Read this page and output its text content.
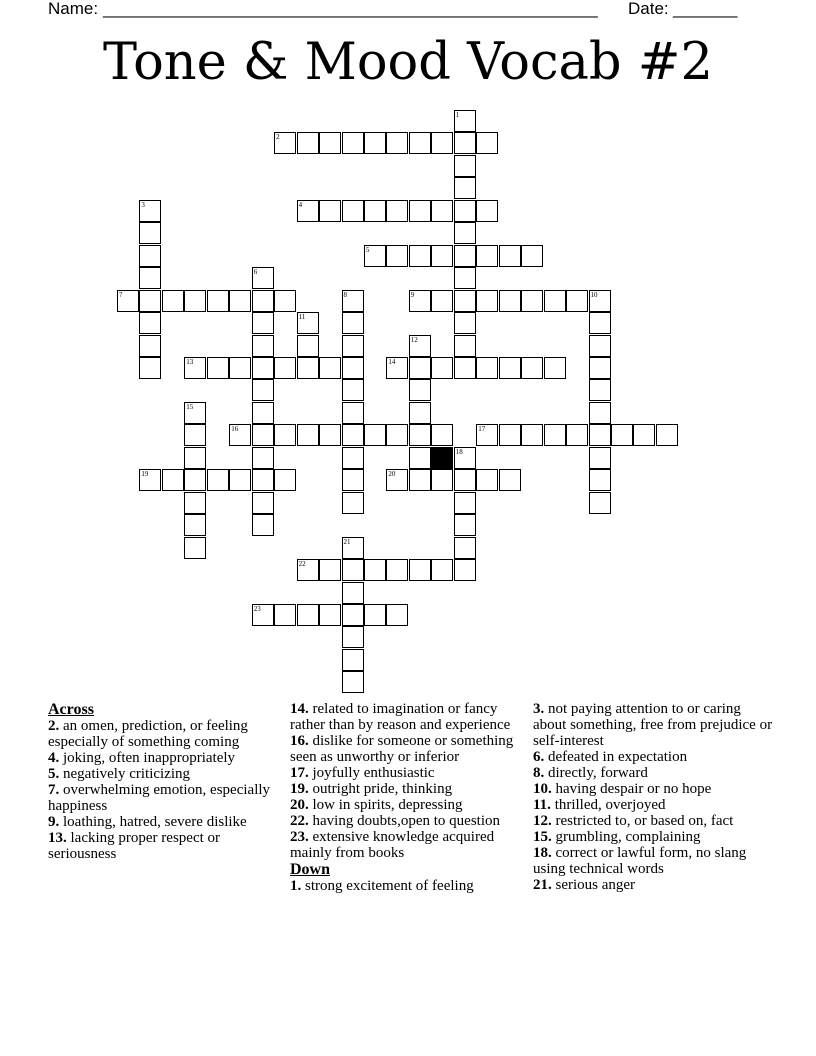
Name: ______________________________________________________ Date: _______
Tone & Mood Vocab #2
1
2
3	4
5
6
7	8	9	10
11
12
13	14
15
16	17
18
19	20
21
22
23
Across
2. an omen, prediction, or feeling especially of something coming
4. joking, often inappropriately
5. negatively criticizing
7. overwhelming emotion, especially happiness
9. loathing, hatred, severe dislike
13. lacking proper respect or seriousness
14. related to imagination or fancy rather than by reason and experience
16. dislike for someone or something seen as unworthy or inferior
17. joyfully enthusiastic
19. outright pride, thinking
20. low in spirits, depressing
22. having doubts,open to question
23. extensive knowledge acquired mainly from books
Down
1. strong excitement of feeling
3. not paying attention to or caring about something, free from prejudice or self-interest
6. defeated in expectation
8. directly, forward
10. having despair or no hope
11. thrilled, overjoyed
12. restricted to, or based on, fact
15. grumbling, complaining
18. correct or lawful form, no slang using technical words
21. serious anger
